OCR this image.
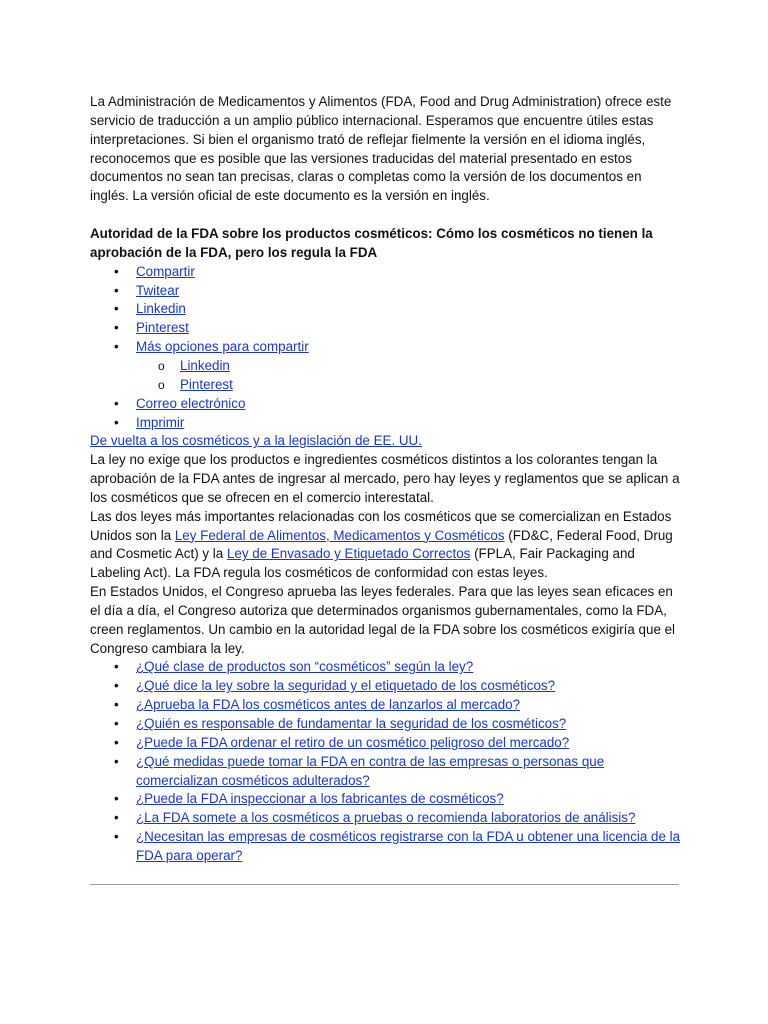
La Administración de Medicamentos y Alimentos (FDA, Food and Drug Administration) ofrece este servicio de traducción a un amplio público internacional. Esperamos que encuentre útiles estas interpretaciones. Si bien el organismo trató de reflejar fielmente la versión en el idioma inglés, reconocemos que es posible que las versiones traducidas del material presentado en estos documentos no sean tan precisas, claras o completas como la versión de los documentos en inglés. La versión oficial de este documento es la versión en inglés.

Autoridad de la FDA sobre los productos cosméticos: Cómo los cosméticos no tienen la aprobación de la FDA, pero los regula la FDA

• Compartir
• Twitear
• Linkedin
• Pinterest
• Más opciones para compartir
o Linkedin
o Pinterest
• Correo electrónico
• Imprimir

De vuelta a los cosméticos y a la legislación de EE. UU.

La ley no exige que los productos e ingredientes cosméticos distintos a los colorantes tengan la aprobación de la FDA antes de ingresar al mercado, pero hay leyes y reglamentos que se aplican a los cosméticos que se ofrecen en el comercio interestatal.

Las dos leyes más importantes relacionadas con los cosméticos que se comercializan en Estados Unidos son la Ley Federal de Alimentos, Medicamentos y Cosméticos (FD&C, Federal Food, Drug and Cosmetic Act) y la Ley de Envasado y Etiquetado Correctos (FPLA, Fair Packaging and Labeling Act). La FDA regula los cosméticos de conformidad con estas leyes.

En Estados Unidos, el Congreso aprueba las leyes federales. Para que las leyes sean eficaces en el día a día, el Congreso autoriza que determinados organismos gubernamentales, como la FDA, creen reglamentos. Un cambio en la autoridad legal de la FDA sobre los cosméticos exigiría que el Congreso cambiara la ley.

• ¿Qué clase de productos son “cosméticos” según la ley?
• ¿Qué dice la ley sobre la seguridad y el etiquetado de los cosméticos?
• ¿Aprueba la FDA los cosméticos antes de lanzarlos al mercado?
• ¿Quién es responsable de fundamentar la seguridad de los cosméticos?
• ¿Puede la FDA ordenar el retiro de un cosmético peligroso del mercado?
• ¿Qué medidas puede tomar la FDA en contra de las empresas o personas que comercializan cosméticos adulterados?
• ¿Puede la FDA inspeccionar a los fabricantes de cosméticos?
• ¿La FDA somete a los cosméticos a pruebas o recomienda laboratorios de análisis?
• ¿Necesitan las empresas de cosméticos registrarse con la FDA u obtener una licencia de la FDA para operar?
